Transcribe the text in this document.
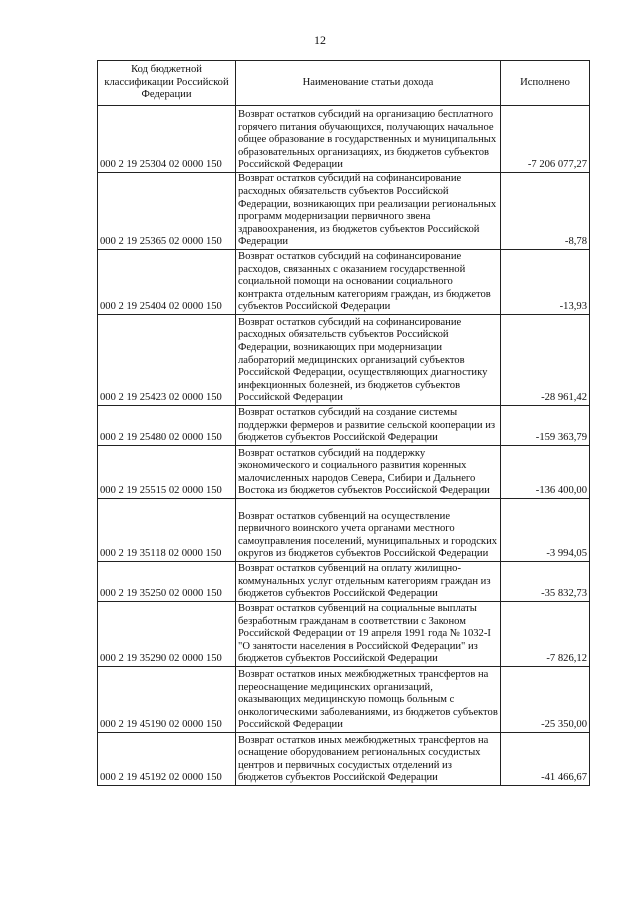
12
Код бюджетной классификации Российской Федерации	Наименование статьи дохода	Исполнено
000 2 19 25304 02 0000 150	Возврат остатков субсидий на организацию бесплатного горячего питания обучающихся, получающих начальное общее образование в государственных и муниципальных образовательных организациях, из бюджетов субъектов Российской Федерации	-7 206 077,27
000 2 19 25365 02 0000 150	Возврат остатков субсидий на софинансирование расходных обязательств субъектов Российской Федерации, возникающих при реализации региональных программ модернизации первичного звена здравоохранения, из бюджетов субъектов Российской Федерации	-8,78
000 2 19 25404 02 0000 150	Возврат остатков субсидий на софинансирование расходов, связанных с оказанием государственной социальной помощи на основании социального контракта отдельным категориям граждан, из бюджетов субъектов Российской Федерации	-13,93
000 2 19 25423 02 0000 150	Возврат остатков субсидий на софинансирование расходных обязательств субъектов Российской Федерации, возникающих при модернизации лабораторий медицинских организаций субъектов Российской Федерации, осуществляющих диагностику инфекционных болезней, из бюджетов субъектов Российской Федерации	-28 961,42
000 2 19 25480 02 0000 150	Возврат остатков субсидий на создание системы поддержки фермеров и развитие сельской кооперации из бюджетов субъектов Российской Федерации	-159 363,79
000 2 19 25515 02 0000 150	Возврат остатков субсидий на поддержку экономического и социального развития коренных малочисленных народов Севера, Сибири и Дальнего Востока из бюджетов субъектов Российской Федерации	-136 400,00
000 2 19 35118 02 0000 150	Возврат остатков субвенций на осуществление первичного воинского учета органами местного самоуправления поселений, муниципальных и городских округов из бюджетов субъектов Российской Федерации	-3 994,05
000 2 19 35250 02 0000 150	Возврат остатков субвенций на оплату жилищно-коммунальных услуг отдельным категориям граждан из бюджетов субъектов Российской Федерации	-35 832,73
000 2 19 35290 02 0000 150	Возврат остатков субвенций на социальные выплаты безработным гражданам в соответствии с Законом Российской Федерации от 19 апреля 1991 года № 1032-I "О занятости населения в Российской Федерации" из бюджетов субъектов Российской Федерации	-7 826,12
000 2 19 45190 02 0000 150	Возврат остатков иных межбюджетных трансфертов на переоснащение медицинских организаций, оказывающих медицинскую помощь больным с онкологическими заболеваниями, из бюджетов субъектов Российской Федерации	-25 350,00
000 2 19 45192 02 0000 150	Возврат остатков иных межбюджетных трансфертов на оснащение оборудованием региональных сосудистых центров и первичных сосудистых отделений из бюджетов субъектов Российской Федерации	-41 466,67
